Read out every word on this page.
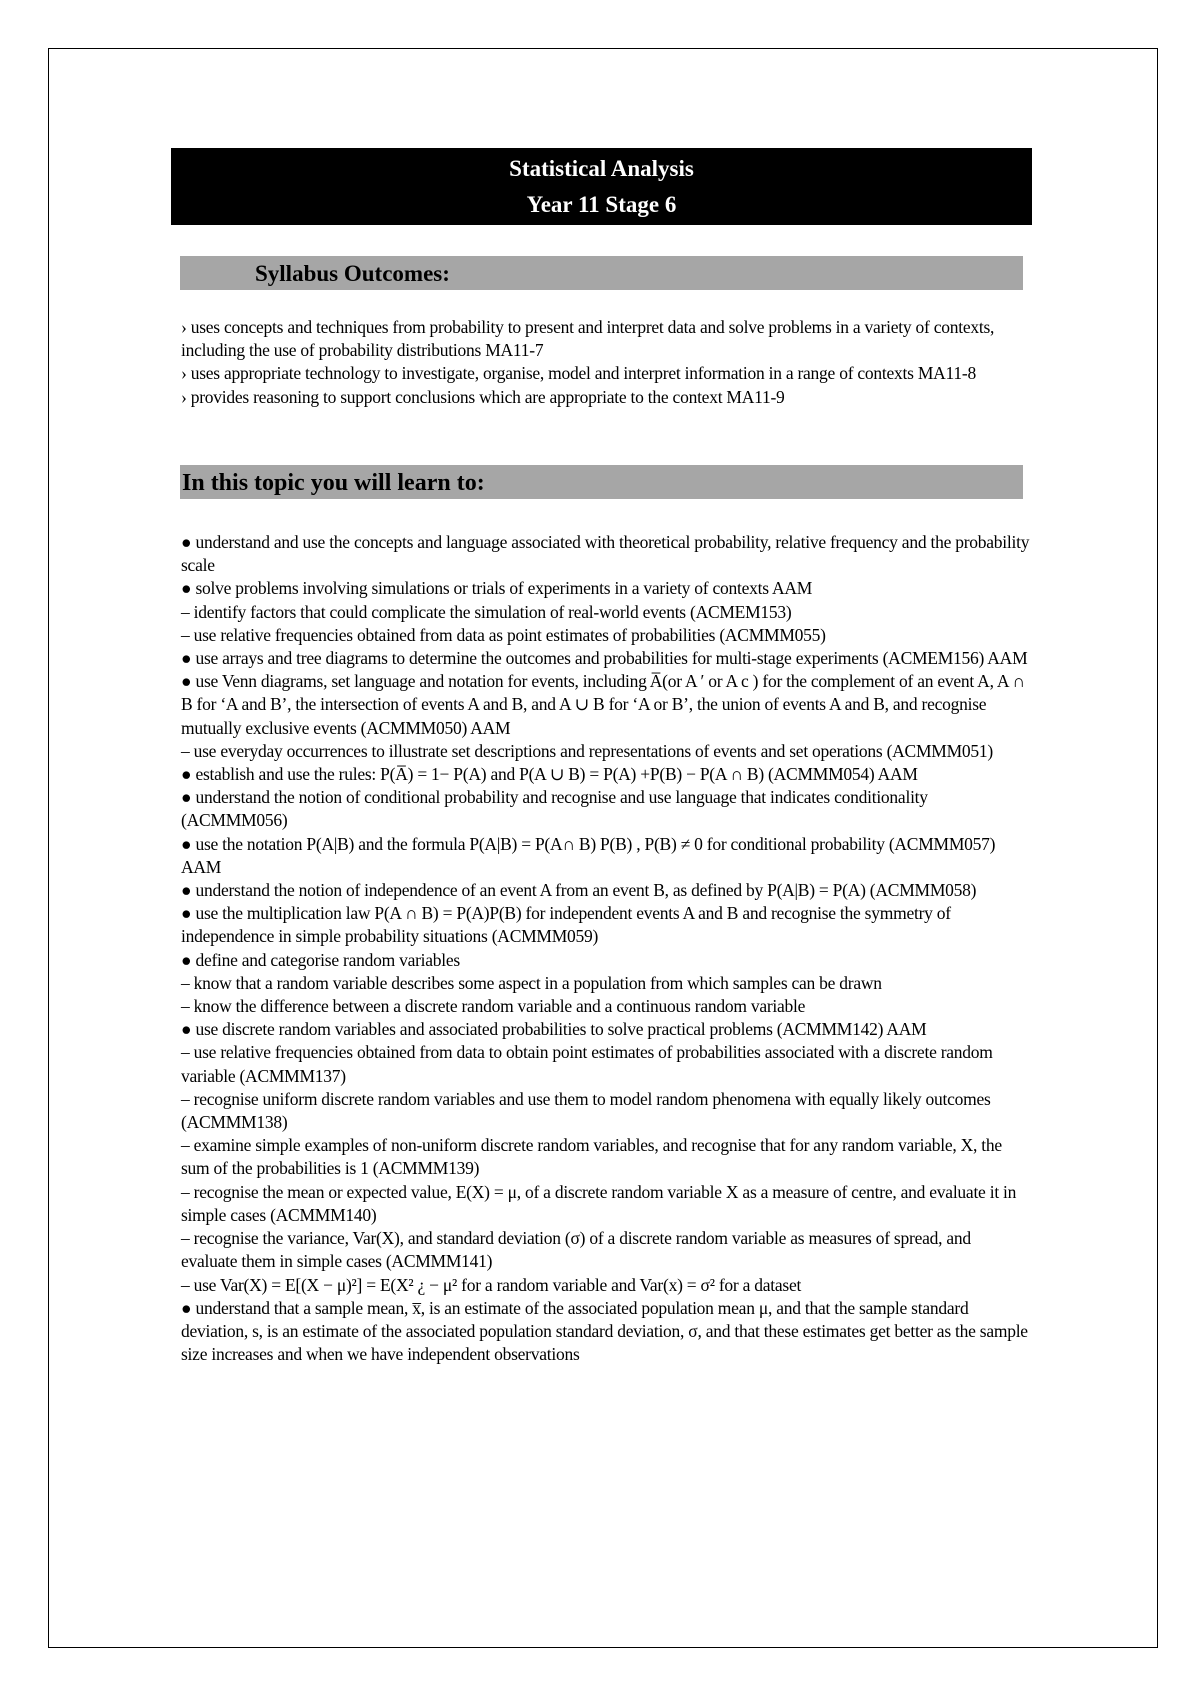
Statistical Analysis
Year 11 Stage 6
Syllabus Outcomes:

› uses concepts and techniques from probability to present and interpret data and solve problems in a variety of contexts, including the use of probability distributions MA11-7

› uses appropriate technology to investigate, organise, model and interpret information in a range of contexts MA11-8

› provides reasoning to support conclusions which are appropriate to the context MA11-9

In this topic you will learn to:

● understand and use the concepts and language associated with theoretical probability, relative frequency and the probability scale

● solve problems involving simulations or trials of experiments in a variety of contexts AAM

– identify factors that could complicate the simulation of real-world events (ACMEM153)

– use relative frequencies obtained from data as point estimates of probabilities (ACMMM055)

● use arrays and tree diagrams to determine the outcomes and probabilities for multi-stage experiments (ACMEM156) AAM

● use Venn diagrams, set language and notation for events, including A̅(or A ′ or A c ) for the complement of an event A, A ∩ B for ‘A and B’, the intersection of events A and B, and A ∪ B for ‘A or B’, the union of events A and B, and recognise mutually exclusive events (ACMMM050) AAM

– use everyday occurrences to illustrate set descriptions and representations of events and set operations (ACMMM051)

● establish and use the rules: P(A̅) = 1− P(A) and P(A ∪ B) = P(A) +P(B) − P(A ∩ B) (ACMMM054) AAM

● understand the notion of conditional probability and recognise and use language that indicates conditionality (ACMMM056)

● use the notation P(A|B) and the formula P(A|B) = P(A∩ B) P(B) , P(B) ≠ 0 for conditional probability (ACMMM057) AAM

● understand the notion of independence of an event A from an event B, as defined by P(A|B) = P(A) (ACMMM058)

● use the multiplication law P(A ∩ B) = P(A)P(B) for independent events A and B and recognise the symmetry of independence in simple probability situations (ACMMM059)

● define and categorise random variables

– know that a random variable describes some aspect in a population from which samples can be drawn

– know the difference between a discrete random variable and a continuous random variable

● use discrete random variables and associated probabilities to solve practical problems (ACMMM142) AAM

– use relative frequencies obtained from data to obtain point estimates of probabilities associated with a discrete random variable (ACMMM137)

– recognise uniform discrete random variables and use them to model random phenomena with equally likely outcomes (ACMMM138)

– examine simple examples of non-uniform discrete random variables, and recognise that for any random variable, X, the sum of the probabilities is 1 (ACMMM139)

– recognise the mean or expected value, E(X) = μ, of a discrete random variable X as a measure of centre, and evaluate it in simple cases (ACMMM140)

– recognise the variance, Var(X), and standard deviation (σ) of a discrete random variable as measures of spread, and evaluate them in simple cases (ACMMM141)

– use Var(X) = E[(X − μ)²] = E(X² ¿ − μ² for a random variable and Var(x) = σ² for a dataset

● understand that a sample mean, x̅, is an estimate of the associated population mean μ, and that the sample standard deviation, s, is an estimate of the associated population standard deviation, σ, and that these estimates get better as the sample size increases and when we have independent observations
